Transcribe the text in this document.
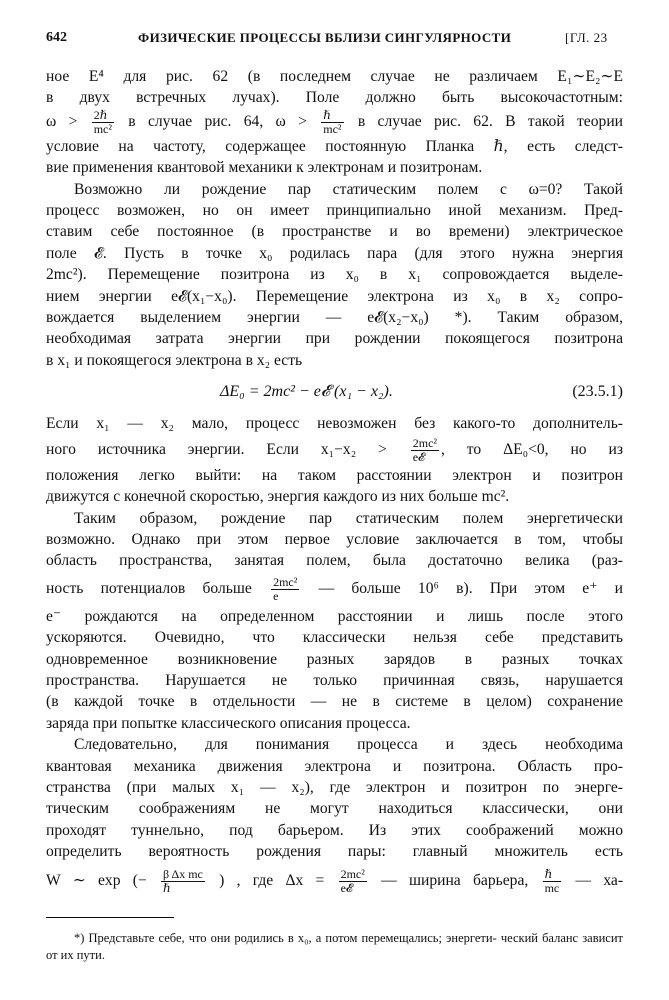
642	ФИЗИЧЕСКИЕ ПРОЦЕССЫ ВБЛИЗИ СИНГУЛЯРНОСТИ	[ГЛ. 23

ное E⁴ для рис. 62 (в последнем случае не различаем E₁∼E₂∼E
в двух встречных лучах). Поле должно быть высокочастотным:
$\omega > \frac{\text{2ℏ}}{\text{mc²}}$ в случае рис. 64, $\omega > \frac{\text{ℏ}}{\text{mc²}}$ в случае рис. 62. В такой теории
условие на частоту, содержащее постоянную Планка ℏ, есть следст-
вие применения квантовой механики к электронам и позитронам.

Возможно ли рождение пар статическим полем с ω=0? Такой
процесс возможен, но он имеет принципиально иной механизм. Пред-
ставим себе постоянное (в пространстве и во времени) электрическое
поле 𝓔. Пусть в точке x₀ родилась пара (для этого нужна энергия
2mc²). Перемещение позитрона из x₀ в x₁ сопровождается выделе-
нием энергии e𝓔(x₁−x₀). Перемещение электрона из x₀ в x₂ сопро-
вождается выделением энергии — e𝓔(x₂−x₀) *). Таким образом,
необходимая затрата энергии при рождении покоящегося позитрона
в x₁ и покоящегося электрона в x₂ есть

ΔE₀ = 2mc² − e𝓔 (x₁ − x₂).	(23.5.1)

Если x₁ — x₂ мало, процесс невозможен без какого-то дополнитель-
ного источника энергии. Если $x_1-x_2 > \frac{\text{2mc²}}{\text{e𝓔}}$ , то ΔE₀<0, но из
положения легко выйти: на таком расстоянии электрон и позитрон
движутся с конечной скоростью, энергия каждого из них больше mc².

Таким образом, рождение пар статическим полем энергетически
возможно. Однако при этом первое условие заключается в том, чтобы
область пространства, занятая полем, была достаточно велика (раз-
ность потенциалов больше $\frac{\text{2mc²}}{e}$ — больше 10⁶ в). При этом e⁺ и
e⁻ рождаются на определенном расстоянии и лишь после этого
ускоряются. Очевидно, что классически нельзя себе представить
одновременное возникновение разных зарядов в разных точках
пространства. Нарушается не только причинная связь, нарушается
(в каждой точке в отдельности — не в системе в целом) сохранение
заряда при попытке классического описания процесса.

Следовательно, для понимания процесса и здесь необходима
квантовая механика движения электрона и позитрона. Область про-
странства (при малых x₁ — x₂), где электрон и позитрон по энерге-
тическим соображениям не могут находиться классически, они
проходят туннельно, под барьером. Из этих соображений можно
определить вероятность рождения пары: главный множитель есть
W ∼ exp (− $\frac{\text{β Δx mc}}{\text{ℏ}}$ ) , где $\Delta x = \frac{\text{2mc²}}{\text{e𝓔}}$ — ширина барьера, $\frac{\text{ℏ}}{mc}$ — ха-

*) Представьте себе, что они родились в x₀, а потом перемещались; энергети- ческий баланс зависит от их пути.
